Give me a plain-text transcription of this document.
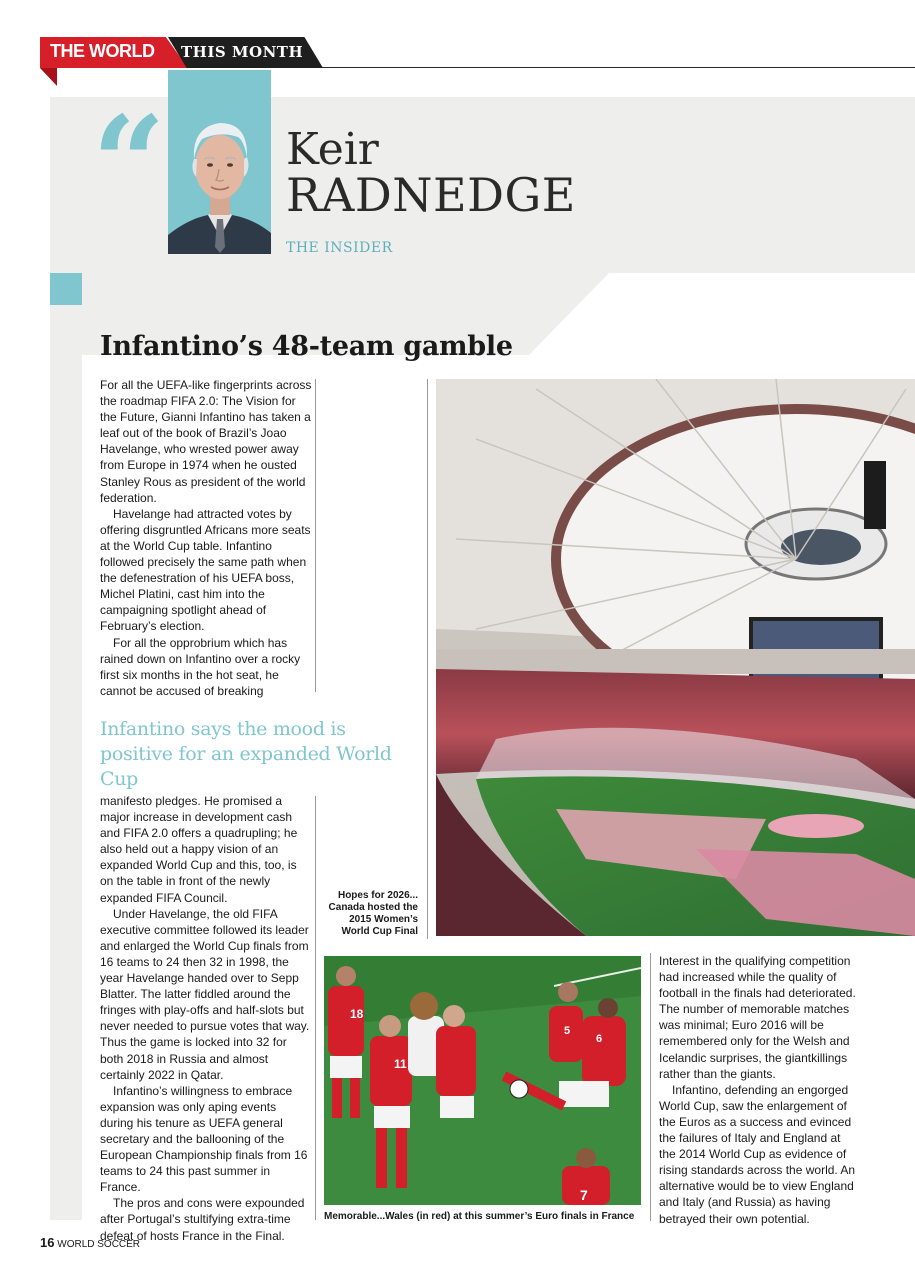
THE WORLD THIS MONTH
“	Keir
RADNEDGE
THE INSIDER
Infantino’s 48-team gamble

For all the UEFA-like fingerprints across the roadmap FIFA 2.0: The Vision for the Future, Gianni Infantino has taken a leaf out of the book of Brazil’s Joao Havelange, who wrested power away from Europe in 1974 when he ousted Stanley Rous as president of the world federation.

Havelange had attracted votes by offering disgruntled Africans more seats at the World Cup table. Infantino followed precisely the same path when the defenestration of his UEFA boss, Michel Platini, cast him into the campaigning spotlight ahead of February’s election.

For all the opprobrium which has rained down on Infantino over a rocky first six months in the hot seat, he cannot be accused of breaking

Infantino says the mood is positive for an expanded World Cup

manifesto pledges. He promised a major increase in development cash and FIFA 2.0 offers a quadrupling; he also held out a happy vision of an expanded World Cup and this, too, is on the table in front of the newly expanded FIFA Council.

Under Havelange, the old FIFA executive committee followed its leader and enlarged the World Cup finals from 16 teams to 24 then 32 in 1998, the year Havelange handed over to Sepp Blatter. The latter fiddled around the fringes with play-offs and half-slots but never needed to pursue votes that way. Thus the game is locked into 32 for both 2018 in Russia and almost certainly 2022 in Qatar.

Infantino’s willingness to embrace expansion was only aping events during his tenure as UEFA general secretary and the ballooning of the European Championship finals from 16 teams to 24 this past summer in France.

The pros and cons were expounded after Portugal’s stultifying extra-time defeat of hosts France in the Final.

Hopes for 2026... Canada hosted the 2015 Women’s World Cup Final
18
11
5
6
7
Memorable...Wales (in red) at this summer’s Euro finals in France

Interest in the qualifying competition had increased while the quality of football in the finals had deteriorated. The number of memorable matches was minimal; Euro 2016 will be remembered only for the Welsh and Icelandic surprises, the giantkillings rather than the giants.

Infantino, defending an engorged World Cup, saw the enlargement of the Euros as a success and evinced the failures of Italy and England at the 2014 World Cup as evidence of rising standards across the world. An alternative would be to view England and Italy (and Russia) as having betrayed their own potential.

16 WORLD SOCCER
